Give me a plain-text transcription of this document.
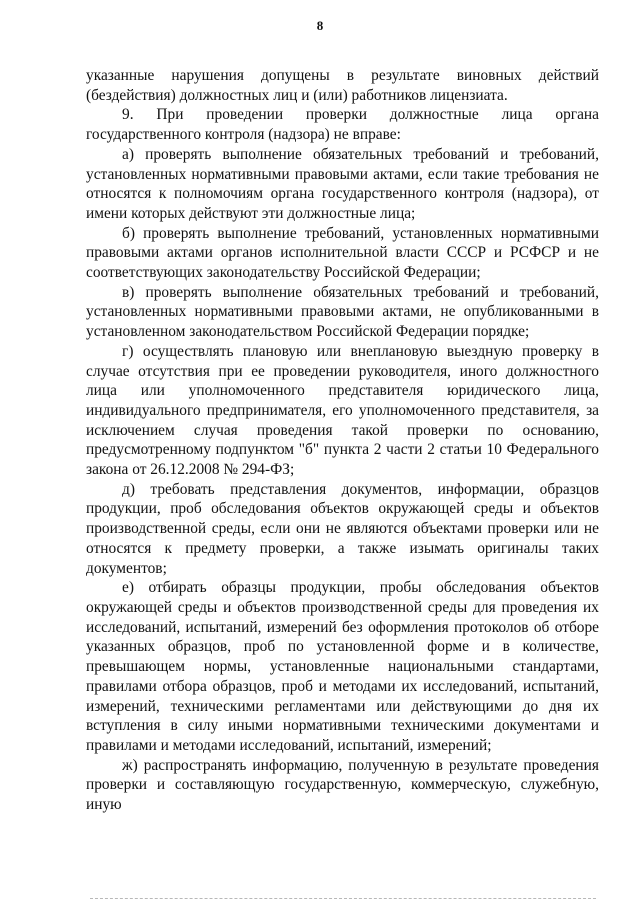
8

указанные нарушения допущены в результате виновных действий (бездействия) должностных лиц и (или) работников лицензиата.

9. При проведении проверки должностные лица органа государственного контроля (надзора) не вправе:

а) проверять выполнение обязательных требований и требований, установленных нормативными правовыми актами, если такие требования не относятся к полномочиям органа государственного контроля (надзора), от имени которых действуют эти должностные лица;

б) проверять выполнение требований, установленных нормативными правовыми актами органов исполнительной власти СССР и РСФСР и не соответствующих законодательству Российской Федерации;

в) проверять выполнение обязательных требований и требований, установленных нормативными правовыми актами, не опубликованными в установленном законодательством Российской Федерации порядке;

г) осуществлять плановую или внеплановую выездную проверку в случае отсутствия при ее проведении руководителя, иного должностного лица или уполномоченного представителя юридического лица, индивидуального предпринимателя, его уполномоченного представителя, за исключением случая проведения такой проверки по основанию, предусмотренному подпунктом "б" пункта 2 части 2 статьи 10 Федерального закона от 26.12.2008 № 294-ФЗ;

д) требовать представления документов, информации, образцов продукции, проб обследования объектов окружающей среды и объектов производственной среды, если они не являются объектами проверки или не относятся к предмету проверки, а также изымать оригиналы таких документов;

е) отбирать образцы продукции, пробы обследования объектов окружающей среды и объектов производственной среды для проведения их исследований, испытаний, измерений без оформления протоколов об отборе указанных образцов, проб по установленной форме и в количестве, превышающем нормы, установленные национальными стандартами, правилами отбора образцов, проб и методами их исследований, испытаний, измерений, техническими регламентами или действующими до дня их вступления в силу иными нормативными техническими документами и правилами и методами исследований, испытаний, измерений;

ж) распространять информацию, полученную в результате проведения проверки и составляющую государственную, коммерческую, служебную, иную
